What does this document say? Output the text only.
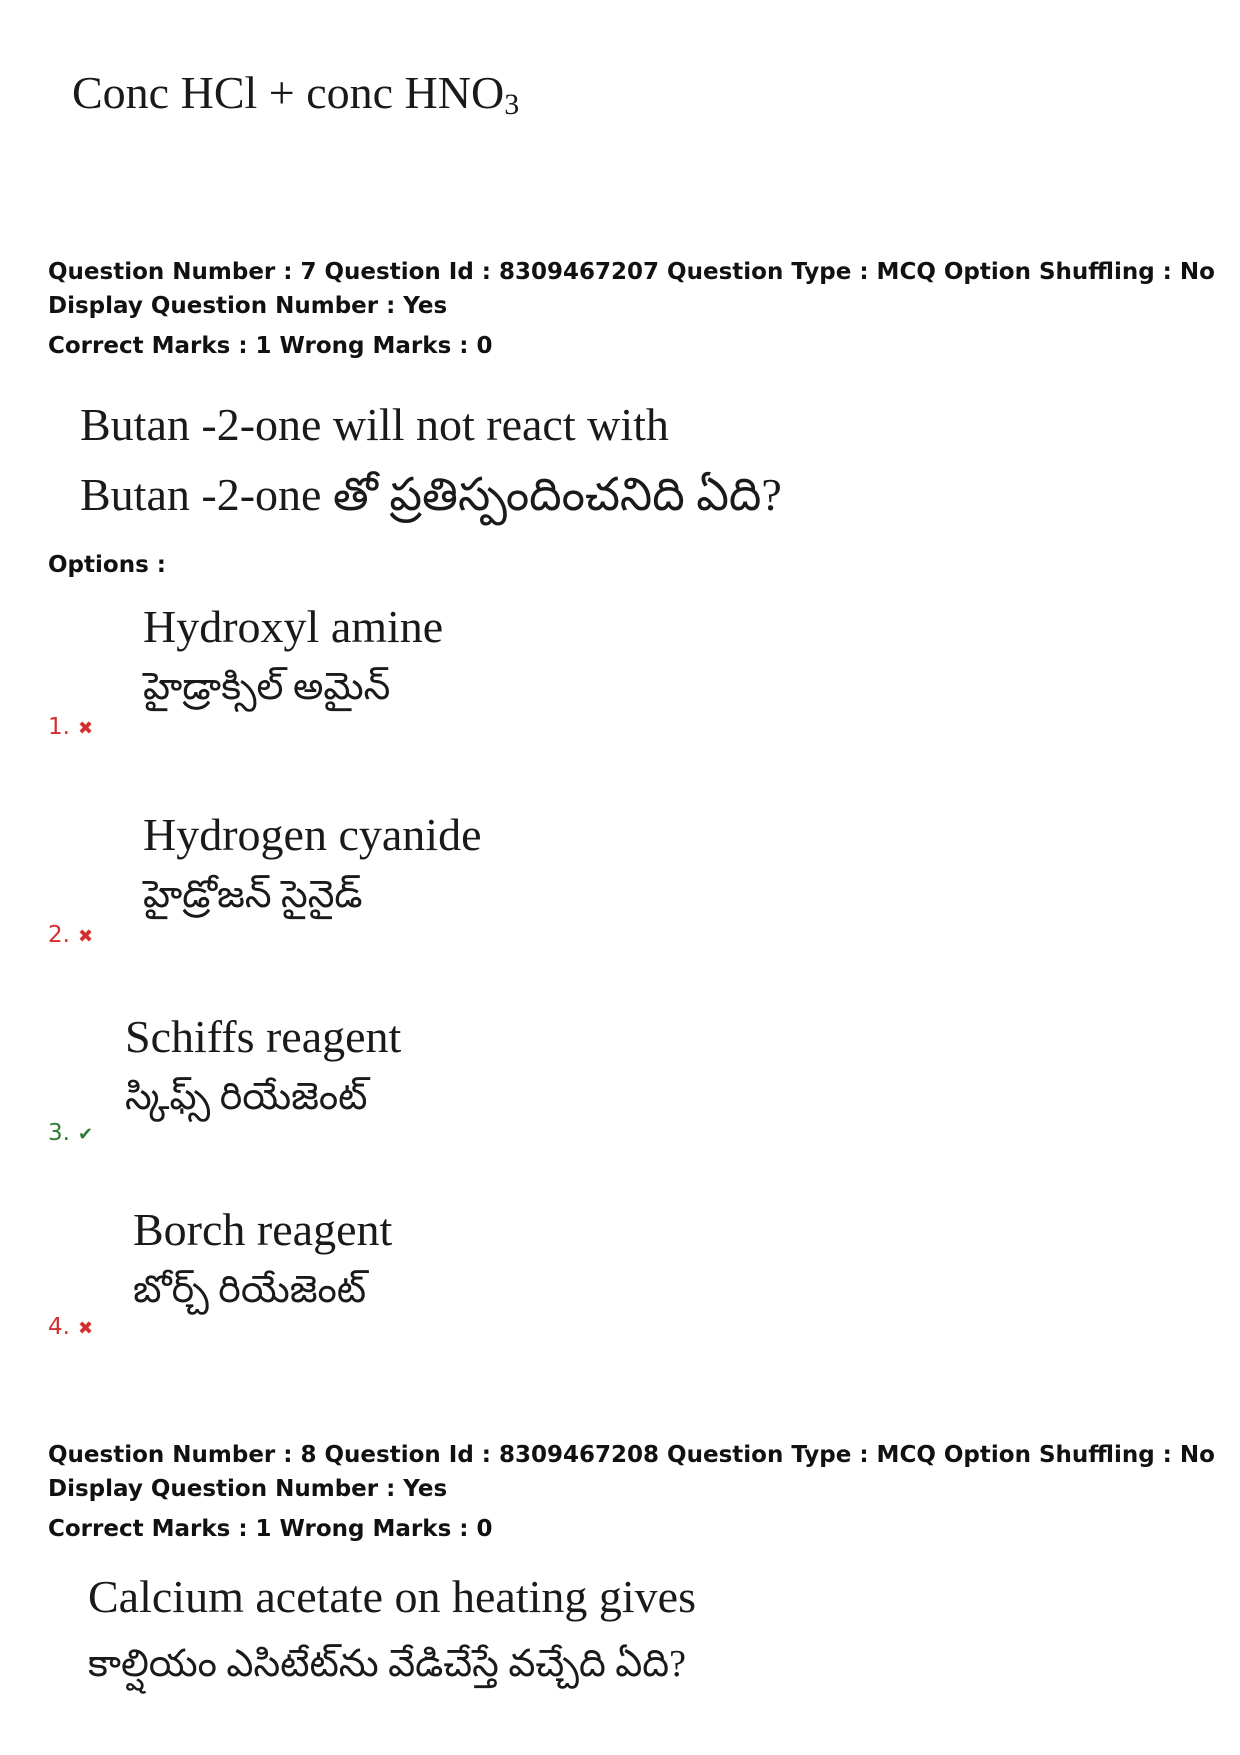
Conc HCl + conc $HNO_3$
Question Number : 7 Question Id : 8309467207 Question Type : MCQ Option Shuffling : No
Display Question Number : Yes
Correct Marks : 1 Wrong Marks : 0
Butan -2-one will not react with
Butan -2-one తో ప్రతిస్పందించనిది ఏది?
Options :
Hydroxyl amine
హైడ్రాక్సిల్ అమైన్
1. ✖
Hydrogen cyanide
హైడ్రోజన్ సైనైడ్
2. ✖
Schiffs reagent
స్కిఫ్స్ రియేజెంట్
3. ✔
Borch reagent
బోర్చ్ రియేజెంట్
4. ✖
Question Number : 8 Question Id : 8309467208 Question Type : MCQ Option Shuffling : No
Display Question Number : Yes
Correct Marks : 1 Wrong Marks : 0
Calcium acetate on heating gives
కాల్షియం ఎసిటేట్‌ను వేడిచేస్తే వచ్చేది ఏది?
